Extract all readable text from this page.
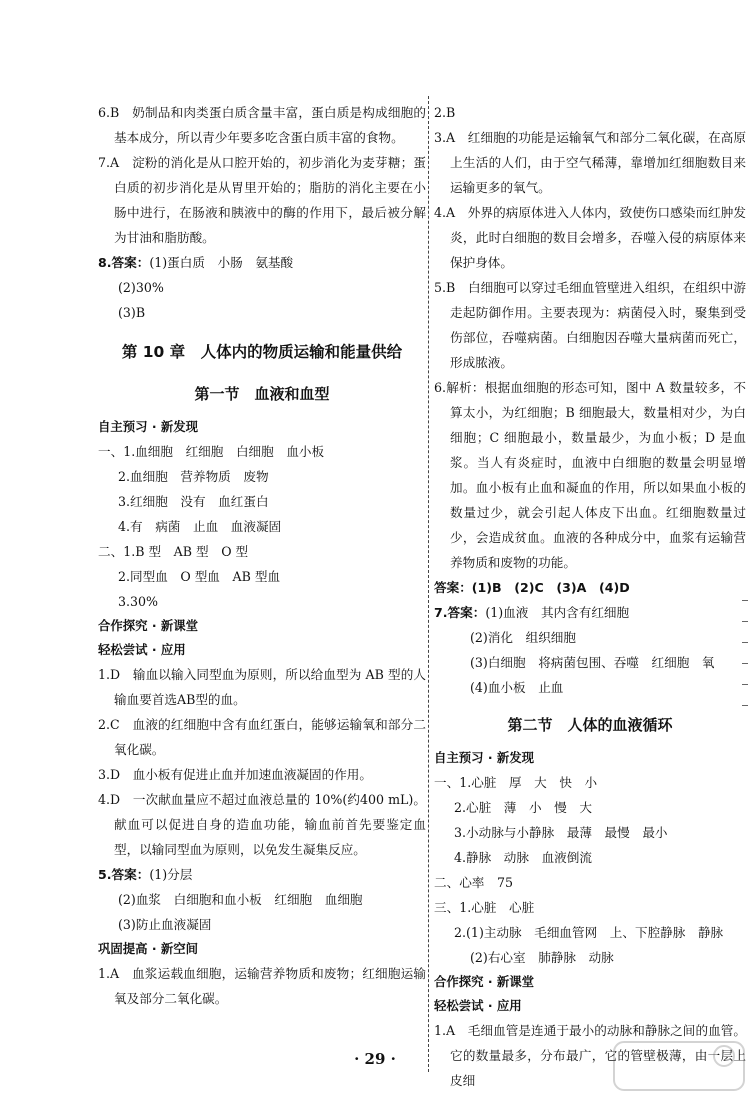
6.B　奶制品和肉类蛋白质含量丰富，蛋白质是构成细胞的基本成分，所以青少年要多吃含蛋白质丰富的食物。

7.A　淀粉的消化是从口腔开始的，初步消化为麦芽糖；蛋白质的初步消化是从胃里开始的；脂肪的消化主要在小肠中进行，在肠液和胰液中的酶的作用下，最后被分解为甘油和脂肪酸。

8.答案：(1)蛋白质　小肠　氨基酸

(2)30%

(3)B

第 10 章　人体内的物质运输和能量供给
第一节　血液和血型
自主预习 · 新发现

一、1.血细胞　红细胞　白细胞　血小板

2.血细胞　营养物质　废物

3.红细胞　没有　血红蛋白

4.有　病菌　止血　血液凝固

二、1.B 型　AB 型　O 型

2.同型血　O 型血　AB 型血

3.30%

合作探究 · 新课堂
轻松尝试 · 应用

1.D　输血以输入同型血为原则，所以给血型为 AB 型的人输血要首选AB型的血。

2.C　血液的红细胞中含有血红蛋白，能够运输氧和部分二氧化碳。

3.D　血小板有促进止血并加速血液凝固的作用。

4.D　一次献血量应不超过血液总量的 10%(约400 mL)。献血可以促进自身的造血功能，输血前首先要鉴定血型，以输同型血为原则，以免发生凝集反应。

5.答案：(1)分层

(2)血浆　白细胞和血小板　红细胞　血细胞

(3)防止血液凝固

巩固提高 · 新空间

1.A　血浆运载血细胞，运输营养物质和废物；红细胞运输氧及部分二氧化碳。

2.B

3.A　红细胞的功能是运输氧气和部分二氧化碳，在高原上生活的人们，由于空气稀薄，靠增加红细胞数目来运输更多的氧气。

4.A　外界的病原体进入人体内，致使伤口感染而红肿发炎，此时白细胞的数目会增多，吞噬入侵的病原体来保护身体。

5.B　白细胞可以穿过毛细血管壁进入组织，在组织中游走起防御作用。主要表现为：病菌侵入时，聚集到受伤部位，吞噬病菌。白细胞因吞噬大量病菌而死亡，形成脓液。

6.解析：根据血细胞的形态可知，图中 A 数量较多，不算太小，为红细胞；B 细胞最大，数量相对少，为白细胞；C 细胞最小，数量最少，为血小板；D 是血浆。当人有炎症时，血液中白细胞的数量会明显增加。血小板有止血和凝血的作用，所以如果血小板的数量过少，就会引起人体皮下出血。红细胞数量过少，会造成贫血。血液的各种成分中，血浆有运输营养物质和废物的功能。

答案：(1)B　(2)C　(3)A　(4)D

7.答案：(1)血液　其内含有红细胞

(2)消化　组织细胞

(3)白细胞　将病菌包围、吞噬　红细胞　氧

(4)血小板　止血

第二节　人体的血液循环
自主预习 · 新发现

一、1.心脏　厚　大　快　小

2.心脏　薄　小　慢　大

3.小动脉与小静脉　最薄　最慢　最小

4.静脉　动脉　血液倒流

二、心率　75

三、1.心脏　心脏

2.(1)主动脉　毛细血管网　上、下腔静脉　静脉

(2)右心室　肺静脉　动脉

合作探究 · 新课堂
轻松尝试 · 应用

1.A　毛细血管是连通于最小的动脉和静脉之间的血管。它的数量最多，分布最广，它的管壁极薄，由一层上皮细

· 29 ·
